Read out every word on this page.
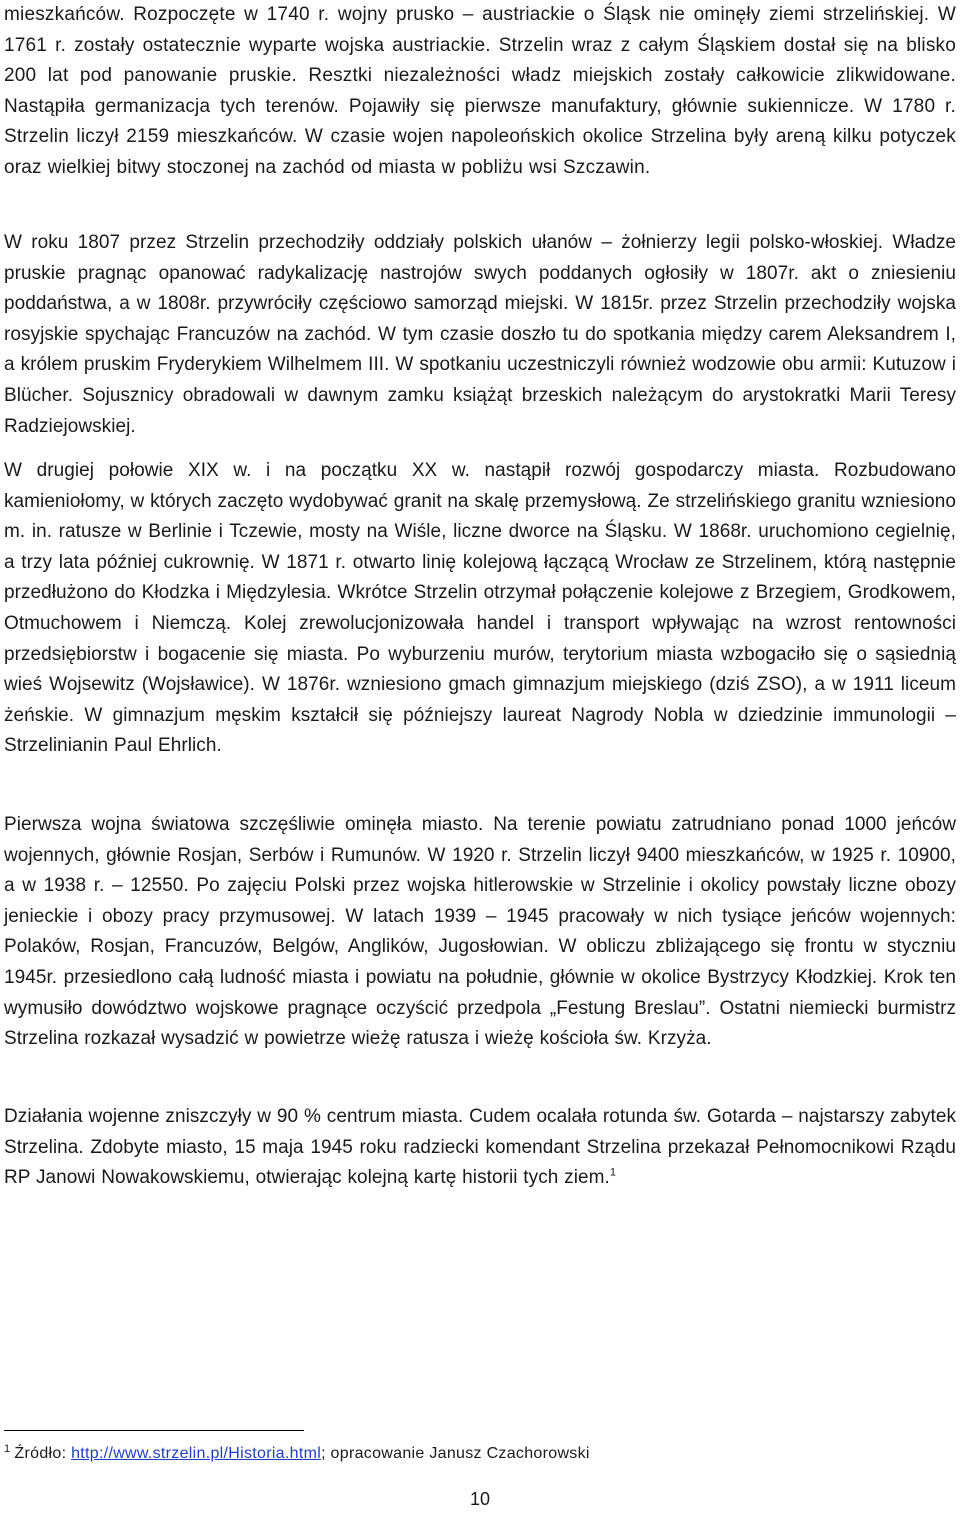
mieszkańców. Rozpoczęte w 1740 r. wojny prusko – austriackie o Śląsk nie ominęły ziemi strzelińskiej. W 1761 r. zostały ostatecznie wyparte wojska austriackie. Strzelin wraz z całym Śląskiem dostał się na blisko 200 lat pod panowanie pruskie. Resztki niezależności władz miejskich zostały całkowicie zlikwidowane. Nastąpiła germanizacja tych terenów. Pojawiły się pierwsze manufaktury, głównie sukiennicze. W 1780 r. Strzelin liczył 2159 mieszkańców. W czasie wojen napoleońskich okolice Strzelina były areną kilku potyczek oraz wielkiej bitwy stoczonej na zachód od miasta w pobliżu wsi Szczawin.

W roku 1807 przez Strzelin przechodziły oddziały polskich ułanów – żołnierzy legii polsko-włoskiej. Władze pruskie pragnąc opanować radykalizację nastrojów swych poddanych ogłosiły w 1807r. akt o zniesieniu poddaństwa, a w 1808r. przywróciły częściowo samorząd miejski. W 1815r. przez Strzelin przechodziły wojska rosyjskie spychając Francuzów na zachód. W tym czasie doszło tu do spotkania między carem Aleksandrem I, a królem pruskim Fryderykiem Wilhelmem III. W spotkaniu uczestniczyli również wodzowie obu armii: Kutuzow i Blücher. Sojusznicy obradowali w dawnym zamku książąt brzeskich należącym do arystokratki Marii Teresy Radziejowskiej.

W drugiej połowie XIX w. i na początku XX w. nastąpił rozwój gospodarczy miasta. Rozbudowano kamieniołomy, w których zaczęto wydobywać granit na skalę przemysłową. Ze strzelińskiego granitu wzniesiono m. in. ratusze w Berlinie i Tczewie, mosty na Wiśle, liczne dworce na Śląsku. W 1868r. uruchomiono cegielnię, a trzy lata później cukrownię. W 1871 r. otwarto linię kolejową łączącą Wrocław ze Strzelinem, którą następnie przedłużono do Kłodzka i Międzylesia. Wkrótce Strzelin otrzymał połączenie kolejowe z Brzegiem, Grodkowem, Otmuchowem i Niemczą. Kolej zrewolucjonizowała handel i transport wpływając na wzrost rentowności przedsiębiorstw i bogacenie się miasta. Po wyburzeniu murów, terytorium miasta wzbogaciło się o sąsiednią wieś Wojsewitz (Wojsławice). W 1876r. wzniesiono gmach gimnazjum miejskiego (dziś ZSO), a w 1911 liceum żeńskie. W gimnazjum męskim kształcił się późniejszy laureat Nagrody Nobla w dziedzinie immunologii – Strzelinianin Paul Ehrlich.

Pierwsza wojna światowa szczęśliwie ominęła miasto. Na terenie powiatu zatrudniano ponad 1000 jeńców wojennych, głównie Rosjan, Serbów i Rumunów. W 1920 r. Strzelin liczył 9400 mieszkańców, w 1925 r. 10900, a w 1938 r. – 12550. Po zajęciu Polski przez wojska hitlerowskie w Strzelinie i okolicy powstały liczne obozy jenieckie i obozy pracy przymusowej. W latach 1939 – 1945 pracowały w nich tysiące jeńców wojennych: Polaków, Rosjan, Francuzów, Belgów, Anglików, Jugosłowian. W obliczu zbliżającego się frontu w styczniu 1945r. przesiedlono całą ludność miasta i powiatu na południe, głównie w okolice Bystrzycy Kłodzkiej. Krok ten wymusiło dowództwo wojskowe pragnące oczyścić przedpola „Festung Breslau”. Ostatni niemiecki burmistrz Strzelina rozkazał wysadzić w powietrze wieżę ratusza i wieżę kościoła św. Krzyża.

Działania wojenne zniszczyły w 90 % centrum miasta. Cudem ocalała rotunda św. Gotarda – najstarszy zabytek Strzelina. Zdobyte miasto, 15 maja 1945 roku radziecki komendant Strzelina przekazał Pełnomocnikowi Rządu RP Janowi Nowakowskiemu, otwierając kolejną kartę historii tych ziem.$^1$

$^1$ Źródło: http://www.strzelin.pl/Historia.html; opracowanie Janusz Czachorowski
10
